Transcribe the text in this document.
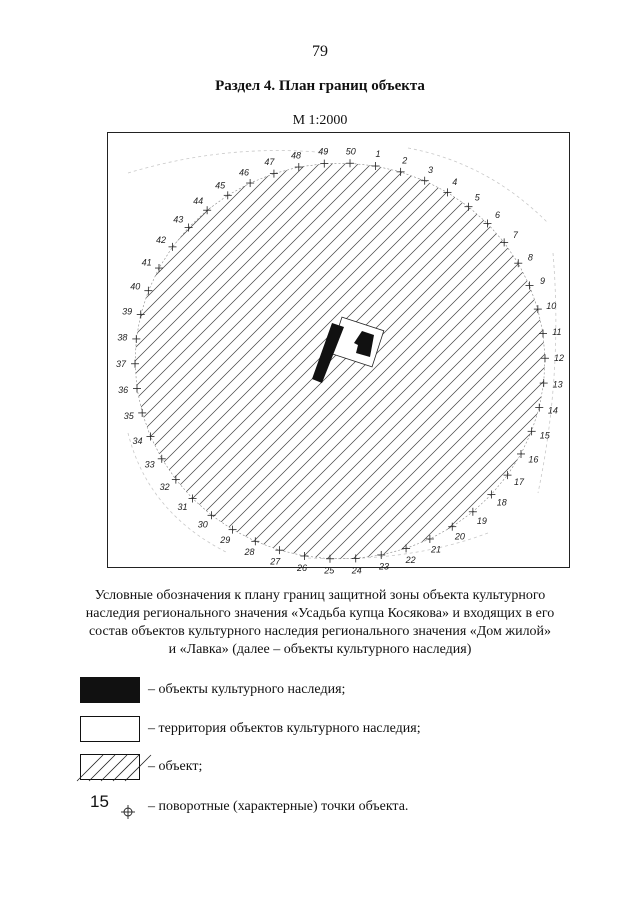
79
Раздел 4. План границ объекта
М 1:2000
1
2
3
4
5
6
7
8
9
10
11
12
13
14
15
16
17
18
19
20
21
22
23
24
25
26
27
28
29
30
31
32
33
34
35
36
37
38
39
40
41
42
43
44
45
46
47
48 49 50
Условные обозначения к плану границ защитной зоны объекта культурного
наследия регионального значения «Усадьба купца Косякова» и входящих в его
состав объектов культурного наследия регионального значения «Дом жилой»
и «Лавка» (далее – объекты культурного наследия)
– объекты культурного наследия;
– территория объектов культурного наследия;
– объект;
15	– поворотные (характерные) точки объекта.
